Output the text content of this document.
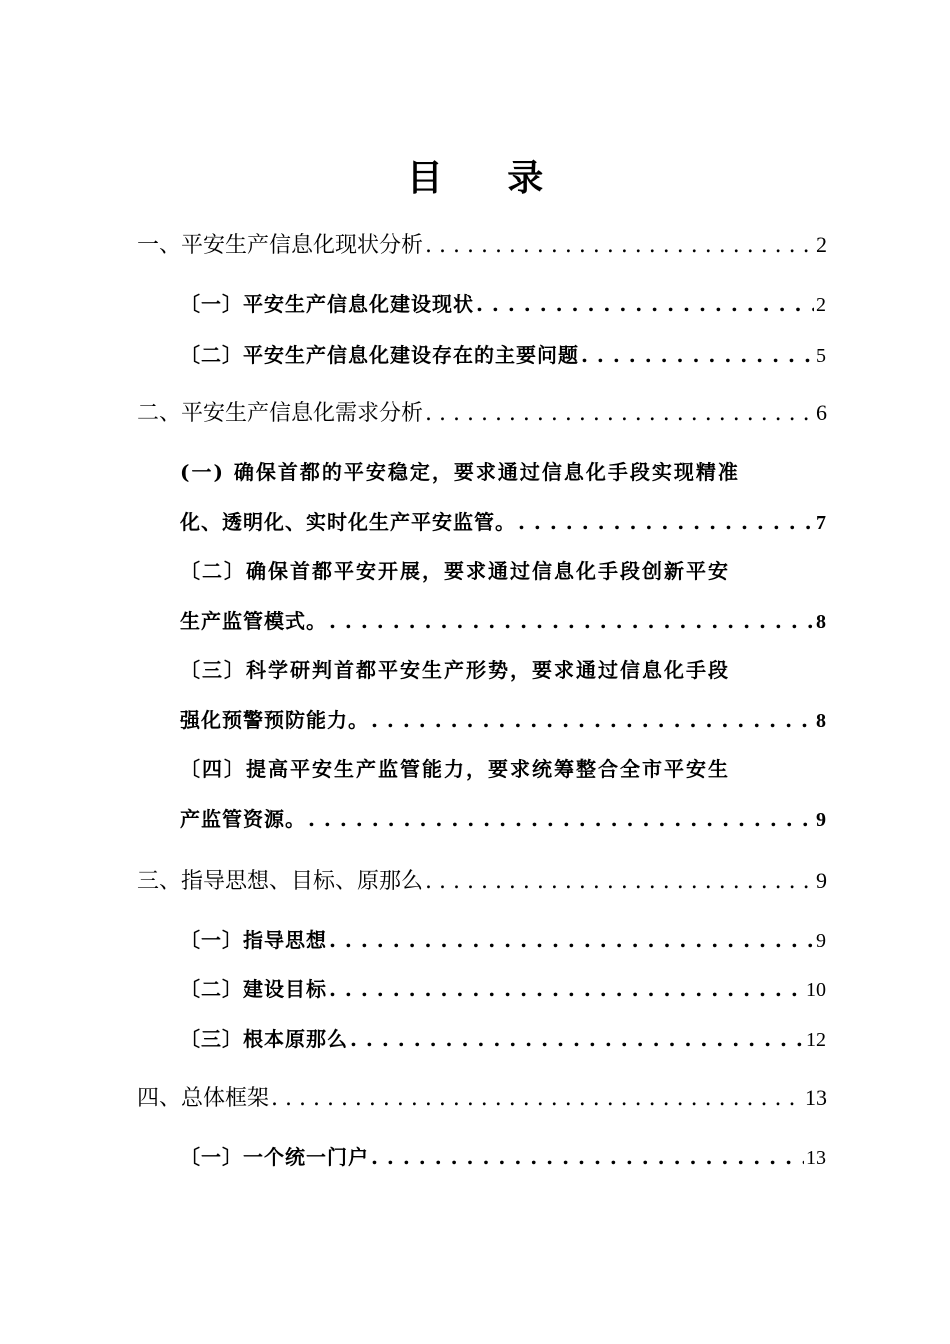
目 录
一、平安生产信息化现状分析 . . .	2
〔一〕平安生产信息化建设现状 . . .	2
〔二〕平安生产信息化建设存在的主要问题 . . .	5
二、平安生产信息化需求分析 . . .	6
(一) 确保首都的平安稳定，要求通过信息化手段实现精准
化、透明化、实时化生产平安监管。 . . .	7
〔二〕确保首都平安开展，要求通过信息化手段创新平安
生产监管模式。 . . .	8
〔三〕科学研判首都平安生产形势，要求通过信息化手段
强化预警预防能力。 . . .	8
〔四〕提高平安生产监管能力，要求统筹整合全市平安生
产监管资源。 . . .	9
三、指导思想、目标、原那么 . . .	9
〔一〕指导思想 . . .	9
〔二〕建设目标 . . .	10
〔三〕根本原那么 . . .	12
四、总体框架 . . .	13
〔一〕一个统一门户 . . .	13
